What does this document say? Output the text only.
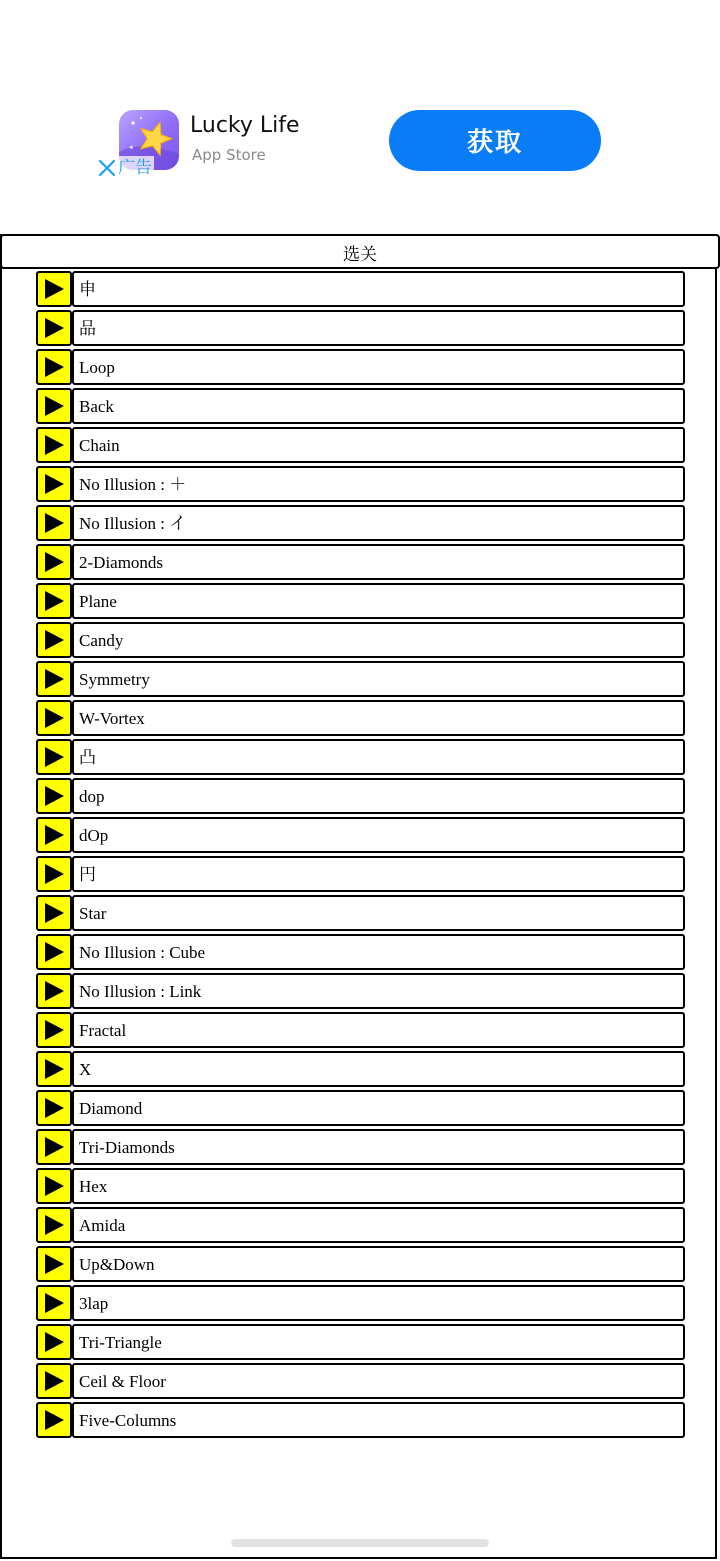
Lucky Life
App Store
广告
获取
选关
申
品
Loop
Back
Chain
No Illusion : ＋
No Illusion : イ
2-Diamonds
Plane
Candy
Symmetry
W-Vortex
凸
dop
dOp
円
Star
No Illusion : Cube
No Illusion : Link
Fractal
X
Diamond
Tri-Diamonds
Hex
Amida
Up&Down
3lap
Tri-Triangle
Ceil & Floor
Five-Columns
